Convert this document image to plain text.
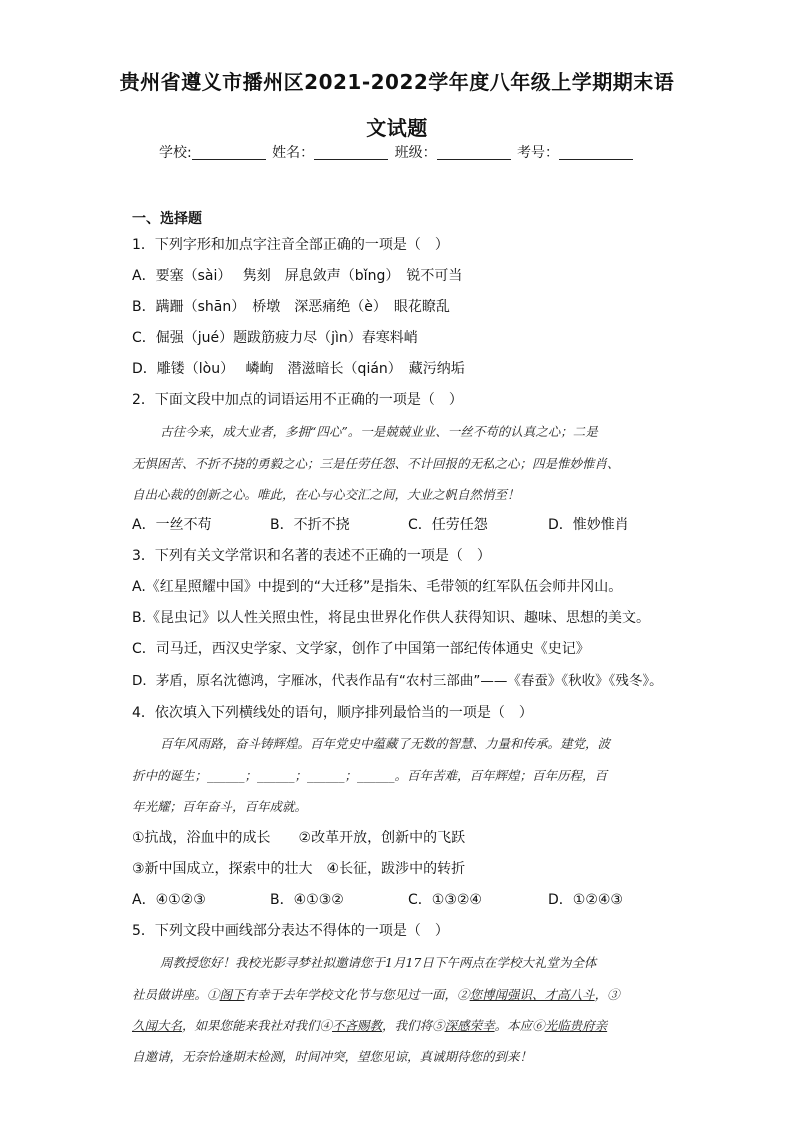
贵州省遵义市播州区2021-2022学年度八年级上学期期末语
文试题
学校:	姓名：	班级：	考号：
一、选择题
1．下列字形和加点字注音全部正确的一项是（　）
A．要塞（sài）　 隽刻　屏息敛声（bǐng）　锐不可当
B．蹒跚（shān）　桥墩　深恶痛绝（è）　眼花瞭乱
C．倔强（jué）题跋筋疲力尽（jìn）春寒料峭
D．雕镂（lòu）　 嶙峋　潜滋暗长（qián）　藏污纳垢
2．下面文段中加点的词语运用不正确的一项是（　）
古往今来，成大业者，多拥“四心”。一是兢兢业业、一丝不苟的认真之心；二是
无惧困苦、不折不挠的勇毅之心；三是任劳任怨、不计回报的无私之心；四是惟妙惟肖、
自出心裁的创新之心。唯此，在心与心交汇之间，大业之帆自然悄至！
A．一丝不苟	B．不折不挠	C．任劳任怨	D．惟妙惟肖
3．下列有关文学常识和名著的表述不正确的一项是（　）
A.《红星照耀中国》中提到的“大迁移”是指朱、毛带领的红军队伍会师井冈山。
B.《昆虫记》以人性关照虫性，将昆虫世界化作供人获得知识、趣味、思想的美文。
C．司马迁，西汉史学家、文学家，创作了中国第一部纪传体通史《史记》
D．茅盾，原名沈德鸿，字雁冰，代表作品有“农村三部曲”——《春蚕》《秋收》《残冬》。
4．依次填入下列横线处的语句，顺序排列最恰当的一项是（　）
百年风雨路，奋斗铸辉煌。百年党史中蕴藏了无数的智慧、力量和传承。建党，波
折中的诞生；______；______；______；______。百年苦难，百年辉煌；百年历程，百
年光耀；百年奋斗，百年成就。
①抗战，浴血中的成长　　②改革开放，创新中的飞跃
③新中国成立，探索中的壮大　④长征，跋涉中的转折
A．④①②③	B．④①③②	C．①③②④	D．①②④③
5．下列文段中画线部分表达不得体的一项是（　）
周教授您好！我校光影寻梦社拟邀请您于1月17日下午两点在学校大礼堂为全体
社员做讲座。①阁下有幸于去年学校文化节与您见过一面，②您博闻强识、才高八斗，③
久闻大名，如果您能来我社对我们④不吝赐教，我们将⑤深感荣幸。本应⑥光临贵府亲
自邀请，无奈恰逢期末检测，时间冲突，望您见谅，真诚期待您的到来！
